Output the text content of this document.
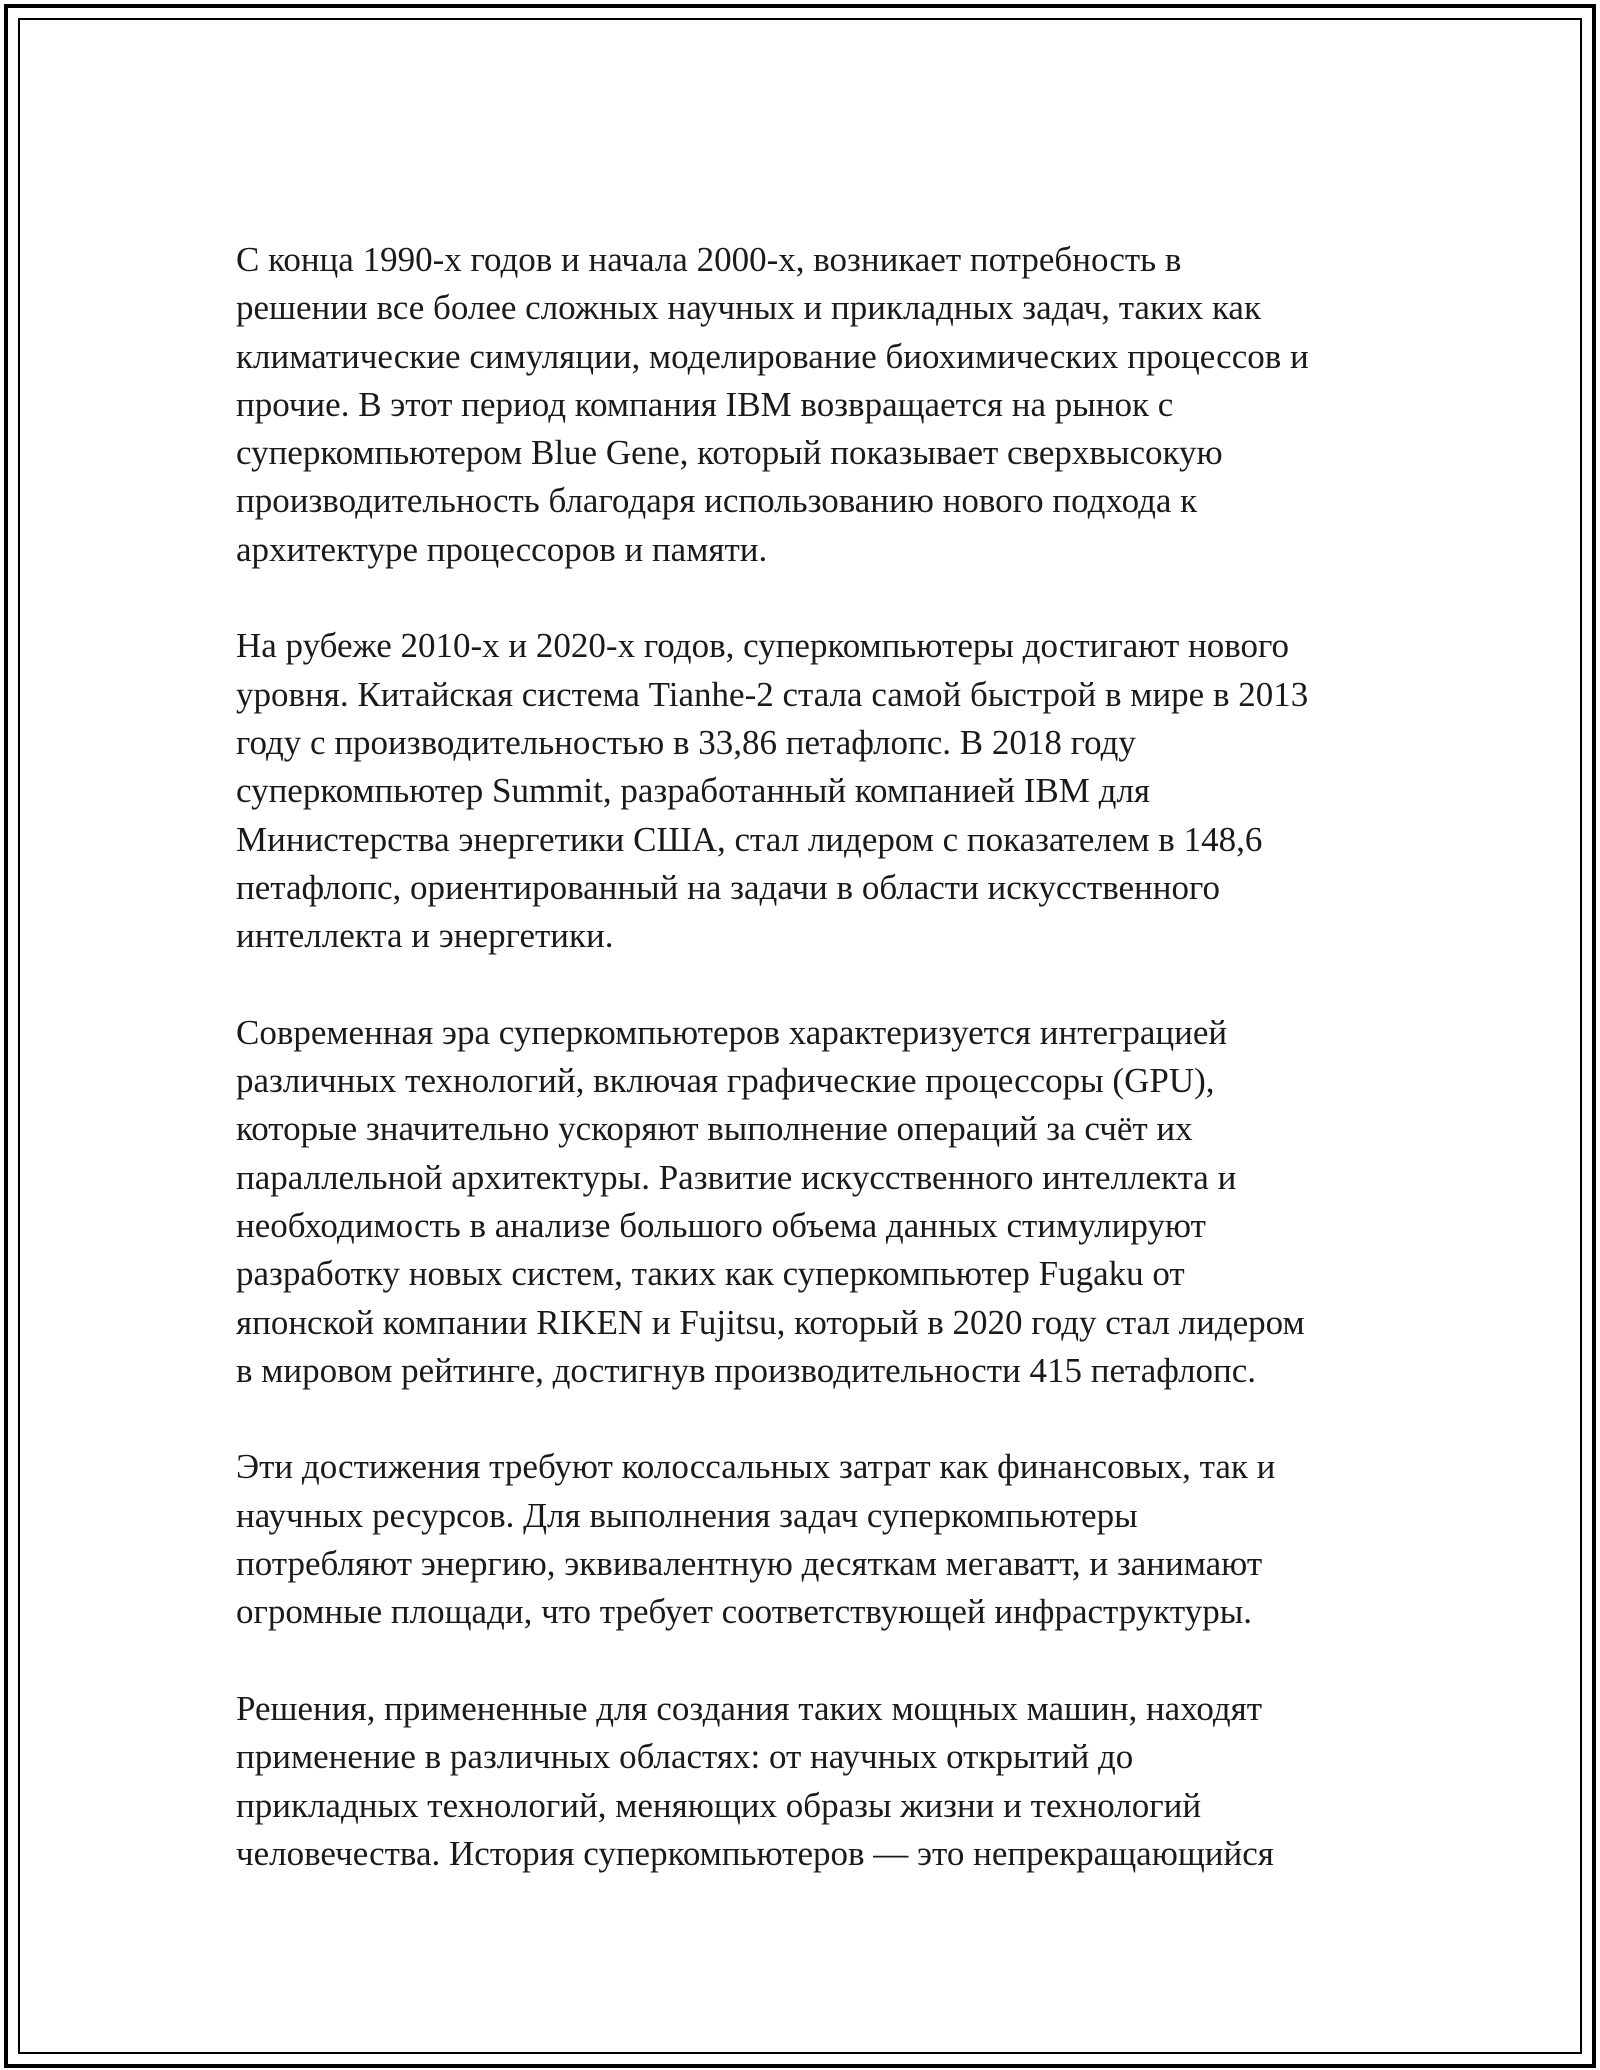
С конца 1990-х годов и начала 2000-х, возникает потребность в
решении все более сложных научных и прикладных задач, таких как
климатические симуляции, моделирование биохимических процессов и
прочие. В этот период компания IBM возвращается на рынок с
суперкомпьютером Blue Gene, который показывает сверхвысокую
производительность благодаря использованию нового подхода к
архитектуре процессоров и памяти.

На рубеже 2010-х и 2020-х годов, суперкомпьютеры достигают нового
уровня. Китайская система Tianhe-2 стала самой быстрой в мире в 2013
году с производительностью в 33,86 петафлопс. В 2018 году
суперкомпьютер Summit, разработанный компанией IBM для
Министерства энергетики США, стал лидером с показателем в 148,6
петафлопс, ориентированный на задачи в области искусственного
интеллекта и энергетики.

Современная эра суперкомпьютеров характеризуется интеграцией
различных технологий, включая графические процессоры (GPU),
которые значительно ускоряют выполнение операций за счёт их
параллельной архитектуры. Развитие искусственного интеллекта и
необходимость в анализе большого объема данных стимулируют
разработку новых систем, таких как суперкомпьютер Fugaku от
японской компании RIKEN и Fujitsu, который в 2020 году стал лидером
в мировом рейтинге, достигнув производительности 415 петафлопс.

Эти достижения требуют колоссальных затрат как финансовых, так и
научных ресурсов. Для выполнения задач суперкомпьютеры
потребляют энергию, эквивалентную десяткам мегаватт, и занимают
огромные площади, что требует соответствующей инфраструктуры.

Решения, примененные для создания таких мощных машин, находят
применение в различных областях: от научных открытий до
прикладных технологий, меняющих образы жизни и технологий
человечества. История суперкомпьютеров — это непрекращающийся
